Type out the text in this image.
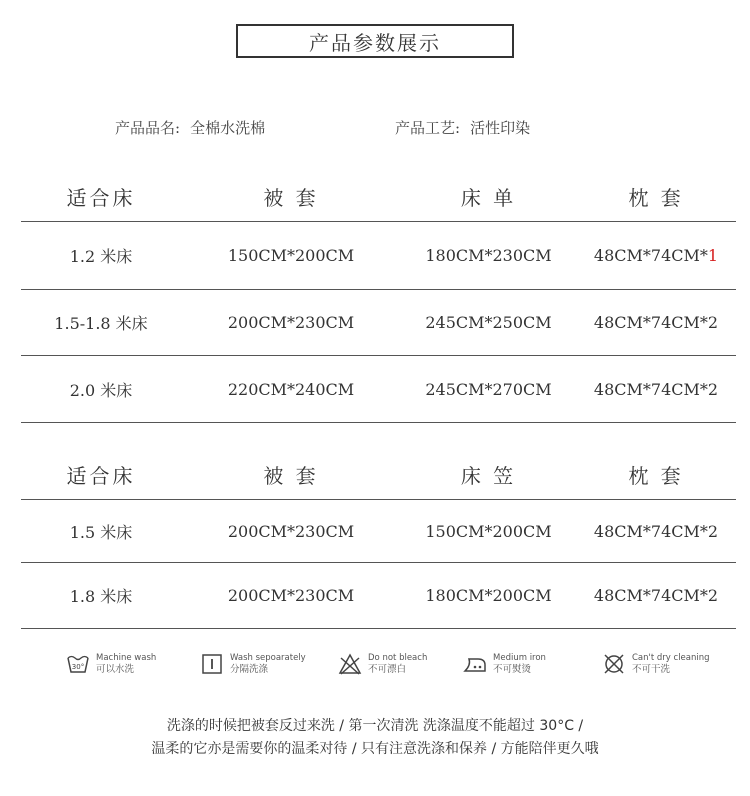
产品参数展示
产品品名: 全棉水洗棉	产品工艺: 活性印染
适合床	被 套	床 单	枕 套
1.2 米床	150CM*200CM	180CM*230CM	48CM*74CM*1
1.5-1.8 米床	200CM*230CM	245CM*250CM	48CM*74CM*2
2.0 米床	220CM*240CM	245CM*270CM	48CM*74CM*2
适合床	被 套	床 笠	枕 套
1.5 米床	200CM*230CM	150CM*200CM	48CM*74CM*2
1.8 米床	200CM*230CM	180CM*200CM	48CM*74CM*2
30°
Machine wash
可以水洗
Wash sepoarately
分隔洗涤
Do not bleach
不可漂白
Medium iron
不可熨烫
Can't dry cleaning
不可干洗
洗涤的时候把被套反过来洗 / 第一次清洗 洗涤温度不能超过 30°C /
温柔的它亦是需要你的温柔对待 / 只有注意洗涤和保养 / 方能陪伴更久哦
